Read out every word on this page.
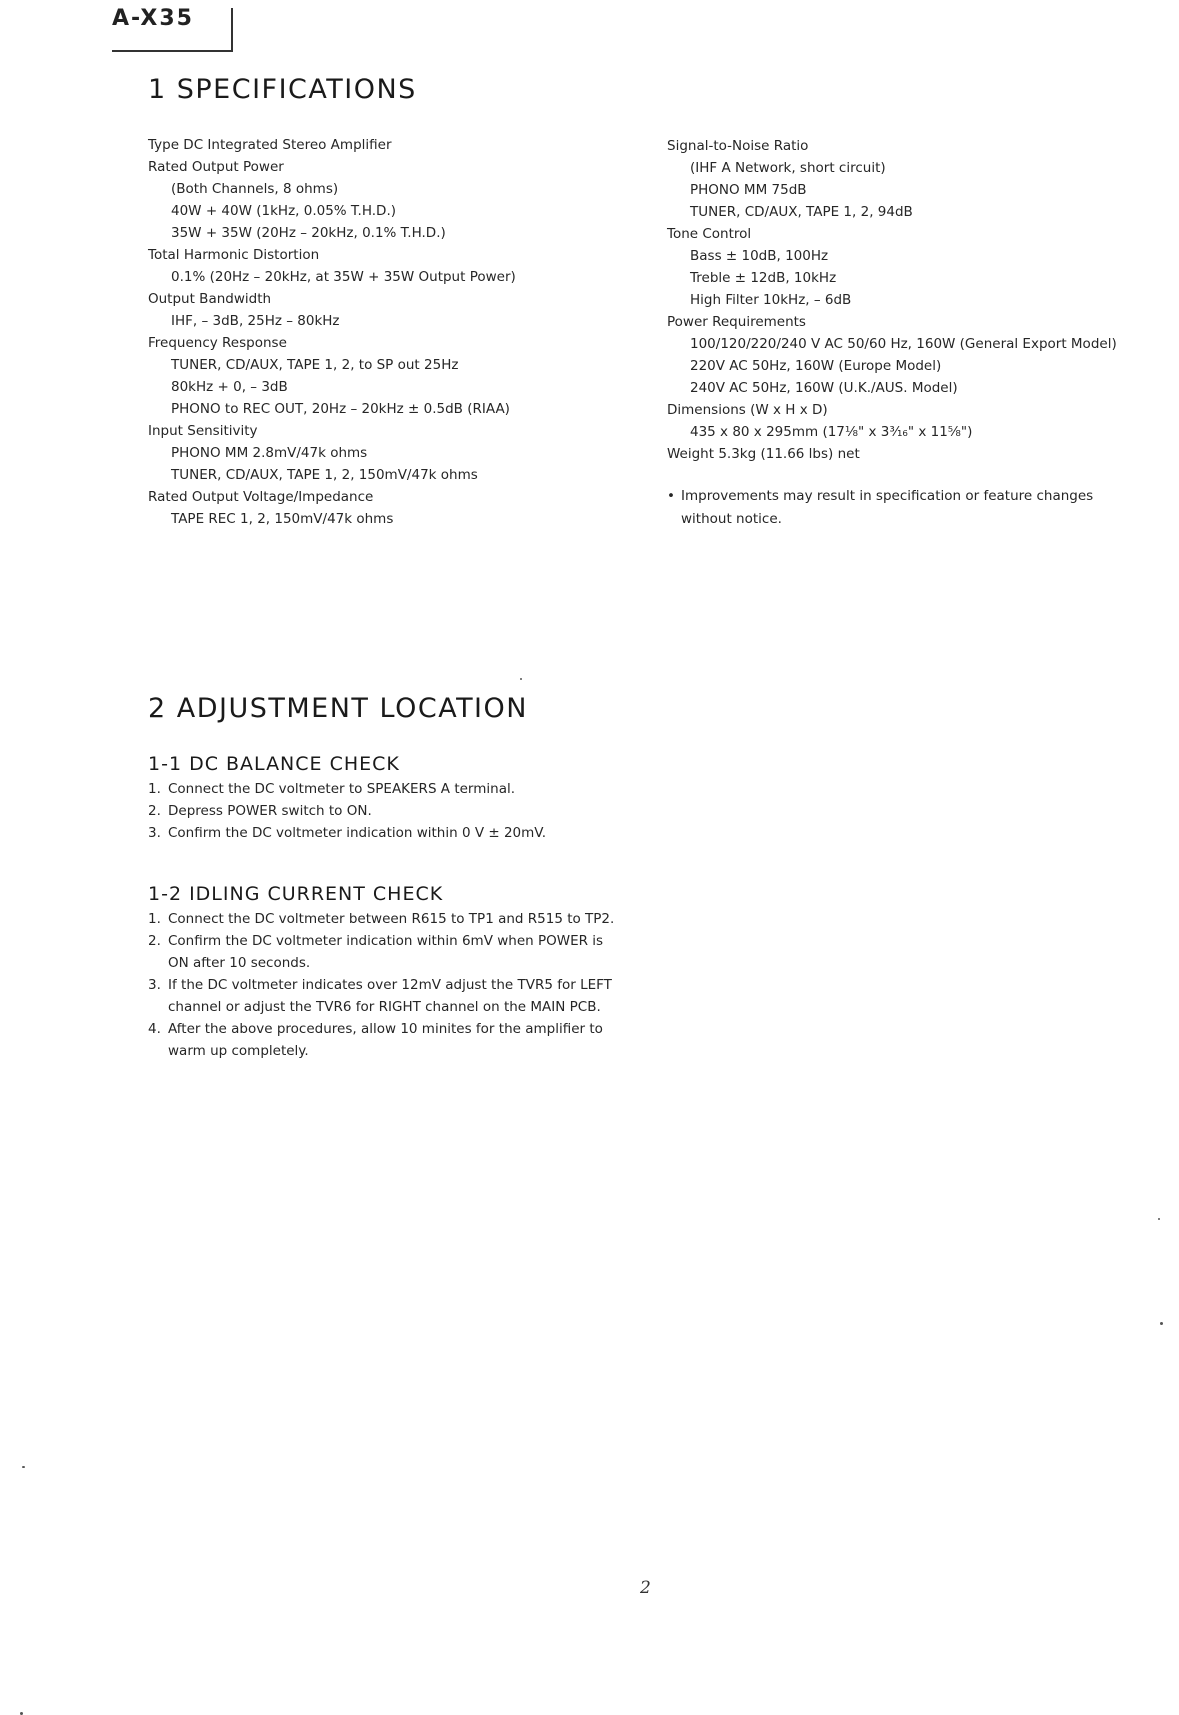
A-X35
1 SPECIFICATIONS
Type DC Integrated Stereo Amplifier
Rated Output Power
(Both Channels, 8 ohms)
40W + 40W (1kHz, 0.05% T.H.D.)
35W + 35W (20Hz – 20kHz, 0.1% T.H.D.)
Total Harmonic Distortion
0.1% (20Hz – 20kHz, at 35W + 35W Output Power)
Output Bandwidth
IHF, – 3dB, 25Hz – 80kHz
Frequency Response
TUNER, CD/AUX, TAPE 1, 2, to SP out 25Hz
80kHz + 0, – 3dB
PHONO to REC OUT, 20Hz – 20kHz ± 0.5dB (RIAA)
Input Sensitivity
PHONO MM 2.8mV/47k ohms
TUNER, CD/AUX, TAPE 1, 2, 150mV/47k ohms
Rated Output Voltage/Impedance
TAPE REC 1, 2, 150mV/47k ohms
Signal-to-Noise Ratio
(IHF A Network, short circuit)
PHONO MM 75dB
TUNER, CD/AUX, TAPE 1, 2, 94dB
Tone Control
Bass ± 10dB, 100Hz
Treble ± 12dB, 10kHz
High Filter 10kHz, – 6dB
Power Requirements
100/120/220/240 V AC 50/60 Hz, 160W (General Export Model)
220V AC 50Hz, 160W (Europe Model)
240V AC 50Hz, 160W (U.K./AUS. Model)
Dimensions (W x H x D)
435 x 80 x 295mm (17⅛" x 3³⁄₁₆" x 11⅝")
Weight 5.3kg (11.66 lbs) net
• Improvements may result in specification or feature changes without notice.
2 ADJUSTMENT LOCATION
1-1 DC BALANCE CHECK
1. Connect the DC voltmeter to SPEAKERS A terminal.
2. Depress POWER switch to ON.
3. Confirm the DC voltmeter indication within 0 V ± 20mV.
1-2 IDLING CURRENT CHECK
1. Connect the DC voltmeter between R615 to TP1 and R515 to TP2.
2. Confirm the DC voltmeter indication within 6mV when POWER is ON after 10 seconds.
3. If the DC voltmeter indicates over 12mV adjust the TVR5 for LEFT channel or adjust the TVR6 for RIGHT channel on the MAIN PCB.
4. After the above procedures, allow 10 minites for the amplifier to warm up completely.
2
